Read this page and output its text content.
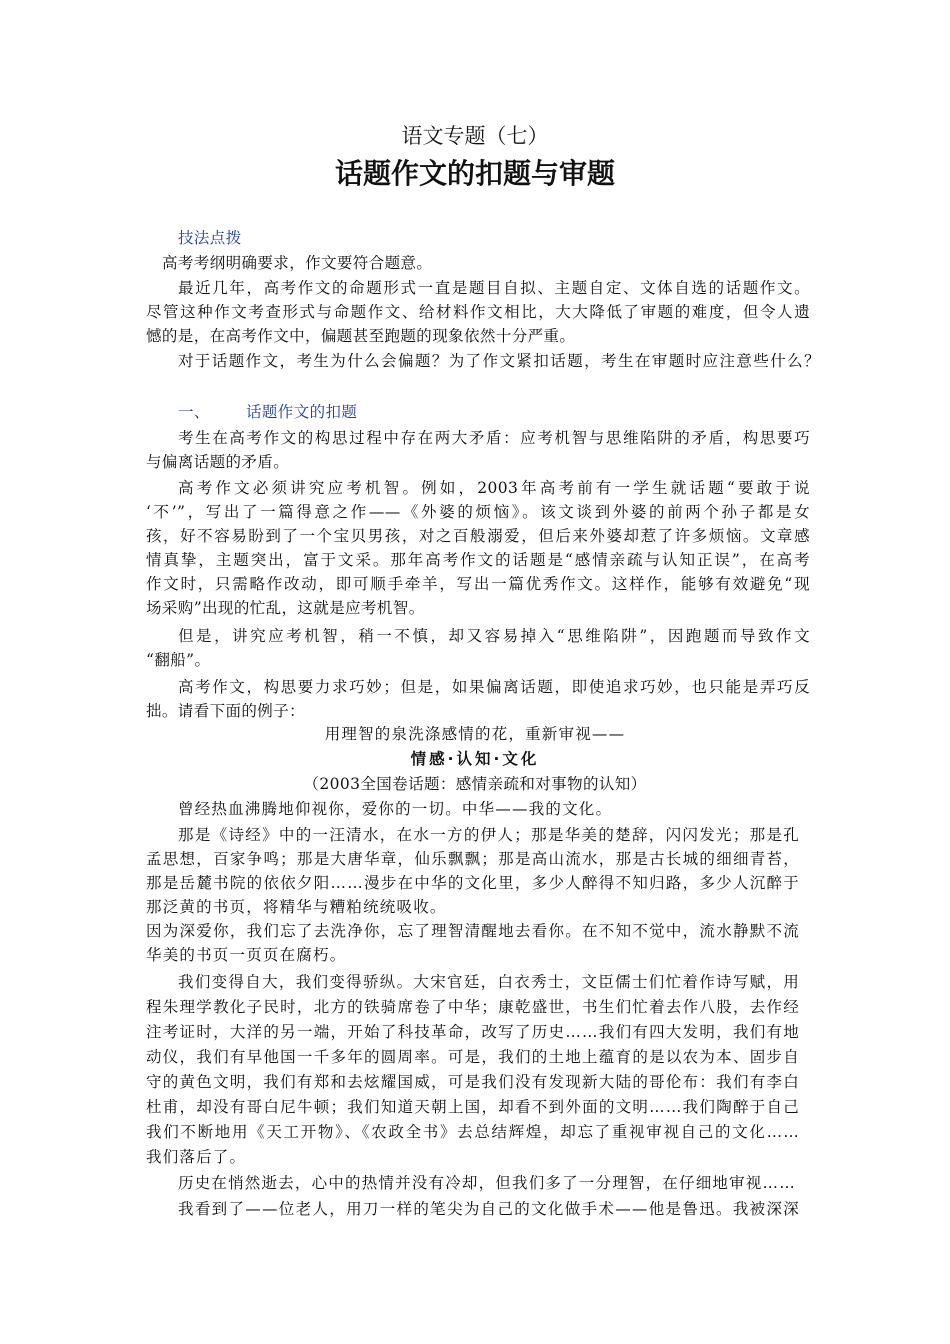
语文专题（七）
话题作文的扣题与审题
技法点拨
高考考纲明确要求，作文要符合题意。
最近几年，高考作文的命题形式一直是题目自拟、主题自定、文体自选的话题作文。
尽管这种作文考查形式与命题作文、给材料作文相比，大大降低了审题的难度，但令人遗
憾的是，在高考作文中，偏题甚至跑题的现象依然十分严重。
对于话题作文，考生为什么会偏题？为了作文紧扣话题，考生在审题时应注意些什么？
一、 话题作文的扣题
考生在高考作文的构思过程中存在两大矛盾：应考机智与思维陷阱的矛盾，构思要巧
与偏离话题的矛盾。
高考作文必须讲究应考机智。例如，2003年高考前有一学生就话题“要敢于说
‘不’”，写出了一篇得意之作——《外婆的烦恼》。该文谈到外婆的前两个孙子都是女
孩，好不容易盼到了一个宝贝男孩，对之百般溺爱，但后来外婆却惹了许多烦恼。文章感
情真挚，主题突出，富于文采。那年高考作文的话题是“感情亲疏与认知正误”，在高考
作文时，只需略作改动，即可顺手牵羊，写出一篇优秀作文。这样作，能够有效避免“现
场采购”出现的忙乱，这就是应考机智。
但是，讲究应考机智，稍一不慎，却又容易掉入“思维陷阱”，因跑题而导致作文
“翻船”。
高考作文，构思要力求巧妙；但是，如果偏离话题，即使追求巧妙，也只能是弄巧反
拙。请看下面的例子：
用理智的泉洗涤感情的花，重新审视——
情感·认知·文化
（2003全国卷话题：感情亲疏和对事物的认知）
曾经热血沸腾地仰视你，爱你的一切。中华——我的文化。
那是《诗经》中的一汪清水，在水一方的伊人；那是华美的楚辞，闪闪发光；那是孔
孟思想，百家争鸣；那是大唐华章，仙乐飘飘；那是高山流水，那是古长城的细细青苔，
那是岳麓书院的依依夕阳……漫步在中华的文化里，多少人醉得不知归路，多少人沉醉于
那泛黄的书页，将精华与糟粕统统吸收。
因为深爱你，我们忘了去洗净你，忘了理智清醒地去看你。在不知不觉中，流水静默不流
华美的书页一页页在腐朽。
我们变得自大，我们变得骄纵。大宋官廷，白衣秀士，文臣儒士们忙着作诗写赋，用
程朱理学教化子民时，北方的铁骑席卷了中华；康乾盛世，书生们忙着去作八股，去作经
注考证时，大洋的另一端，开始了科技革命，改写了历史……我们有四大发明，我们有地
动仪，我们有早他国一千多年的圆周率。可是，我们的土地上蕴育的是以农为本、固步自
守的黄色文明，我们有郑和去炫耀国威，可是我们没有发现新大陆的哥伦布：我们有李白
杜甫，却没有哥白尼牛顿；我们知道天朝上国，却看不到外面的文明……我们陶醉于自己
我们不断地用《天工开物》、《农政全书》去总结辉煌，却忘了重视审视自己的文化……
我们落后了。
历史在悄然逝去，心中的热情并没有冷却，但我们多了一分理智，在仔细地审视……
我看到了——位老人，用刀一样的笔尖为自己的文化做手术——他是鲁迅。我被深深
